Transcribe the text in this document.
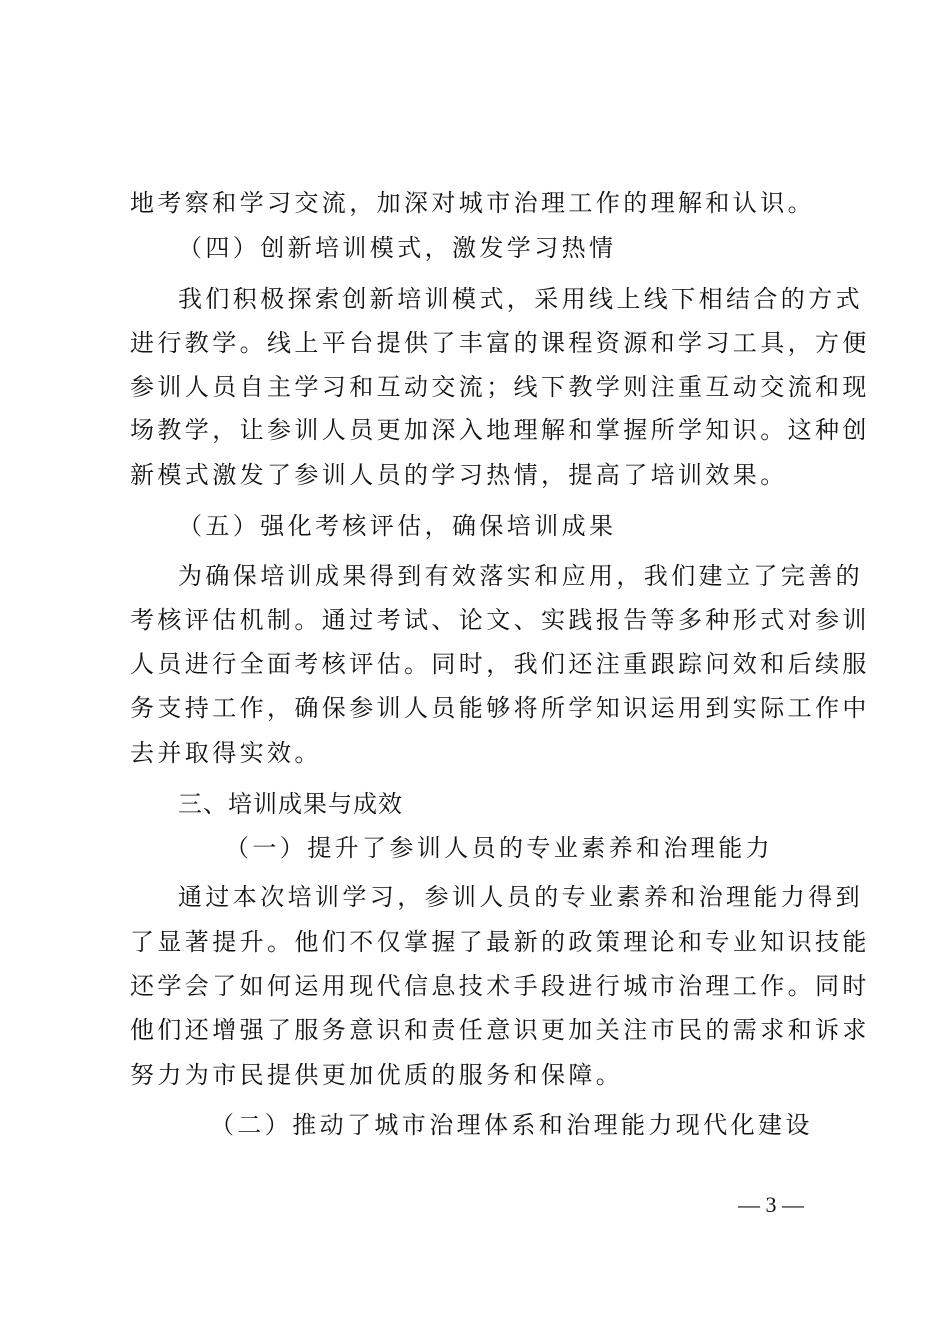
地考察和学习交流，加深对城市治理工作的理解和认识。
（四）创新培训模式，激发学习热情
我们积极探索创新培训模式，采用线上线下相结合的方式
进行教学。线上平台提供了丰富的课程资源和学习工具，方便
参训人员自主学习和互动交流；线下教学则注重互动交流和现
场教学，让参训人员更加深入地理解和掌握所学知识。这种创
新模式激发了参训人员的学习热情，提高了培训效果。
（五）强化考核评估，确保培训成果
为确保培训成果得到有效落实和应用，我们建立了完善的
考核评估机制。通过考试、论文、实践报告等多种形式对参训
人员进行全面考核评估。同时，我们还注重跟踪问效和后续服
务支持工作，确保参训人员能够将所学知识运用到实际工作中
去并取得实效。
三、培训成果与成效
（一）提升了参训人员的专业素养和治理能力
通过本次培训学习，参训人员的专业素养和治理能力得到
了显著提升。他们不仅掌握了最新的政策理论和专业知识技能
还学会了如何运用现代信息技术手段进行城市治理工作。同时
他们还增强了服务意识和责任意识更加关注市民的需求和诉求
努力为市民提供更加优质的服务和保障。
（二）推动了城市治理体系和治理能力现代化建设
— 3 —
